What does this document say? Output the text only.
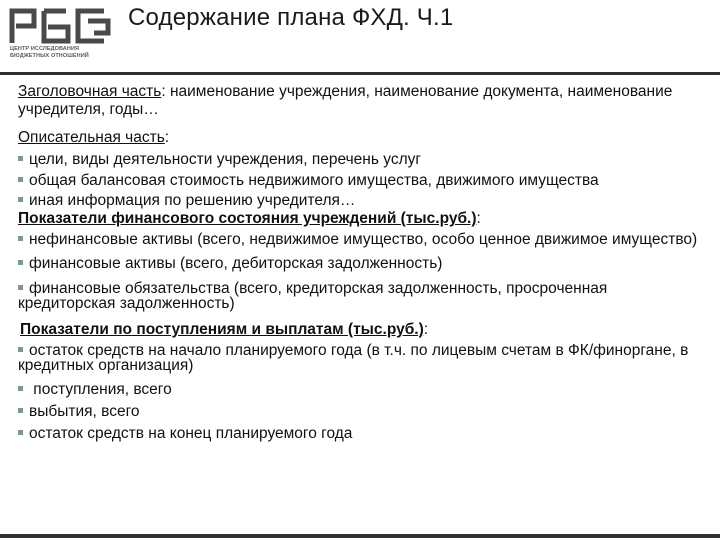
ЦЕНТР ИССЛЕДОВАНИЯ
БЮДЖЕТНЫХ ОТНОШЕНИЙ
Содержание плана ФХД. Ч.1

Заголовочная часть: наименование учреждения, наименование документа, наименование учредителя, годы…

Описательная часть:

цели, виды деятельности учреждения, перечень услуг

общая балансовая стоимость недвижимого имущества, движимого имущества

иная информация по решению учредителя…

Показатели финансового состояния учреждений (тыс.руб.):

нефинансовые активы (всего, недвижимое имущество, особо ценное движимое имущество)

финансовые активы (всего, дебиторская задолженность)

финансовые обязательства (всего, кредиторская задолженность, просроченная кредиторская задолженность)

Показатели по поступлениям и выплатам (тыс.руб.):

остаток средств на начало планируемого года (в т.ч. по лицевым счетам в ФК/финоргане, в кредитных организация)

поступления, всего

выбытия, всего

остаток средств на конец планируемого года
